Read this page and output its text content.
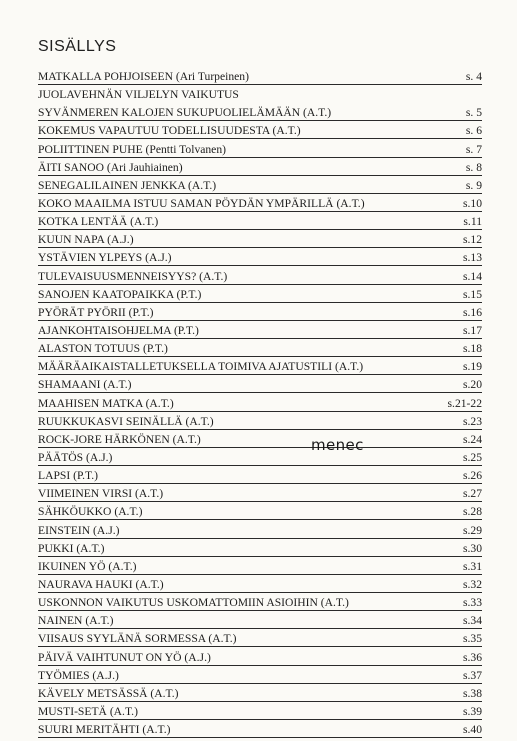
SISÄLLYS
MATKALLA POHJOISEEN (Ari Turpeinen)	s. 4
JUOLAVEHNÄN VILJELYN VAIKUTUS
SYVÄNMEREN KALOJEN SUKUPUOLIELÄMÄÄN (A.T.)	s. 5
KOKEMUS VAPAUTUU TODELLISUUDESTA (A.T.)	s. 6
POLIITTINEN PUHE (Pentti Tolvanen)	s. 7
ÄITI SANOO (Ari Jauhiainen)	s. 8
SENEGALILAINEN JENKKA (A.T.)	s. 9
KOKO MAAILMA ISTUU SAMAN PÖYDÄN YMPÄRILLÄ (A.T.)	s.10
KOTKA LENTÄÄ (A.T.)	s.11
KUUN NAPA (A.J.)	s.12
YSTÄVIEN YLPEYS (A.J.)	s.13
TULEVAISUUSMENNEISYYS? (A.T.)	s.14
SANOJEN KAATOPAIKKA (P.T.)	s.15
PYÖRÄT PYÖRII (P.T.)	s.16
AJANKOHTAISOHJELMA (P.T.)	s.17
ALASTON TOTUUS (P.T.)	s.18
MÄÄRÄAIKAISTALLETUKSELLA TOIMIVA AJATUSTILI (A.T.)	s.19
SHAMAANI (A.T.)	s.20
MAAHISEN MATKA (A.T.)	s.21-22
RUUKKUKASVI SEINÄLLÄ (A.T.)	s.23
ROCK-JORE HÄRKÖNEN (A.T.)	s.24
PÄÄTÖS (A.J.)	s.25
LAPSI (P.T.)	s.26
VIIMEINEN VIRSI (A.T.)	s.27
SÄHKÖUKKO (A.T.)	s.28
EINSTEIN (A.J.)	s.29
PUKKI (A.T.)	s.30
IKUINEN YÖ (A.T.)	s.31
NAURAVA HAUKI (A.T.)	s.32
USKONNON VAIKUTUS USKOMATTOMIIN ASIOIHIN (A.T.)	s.33
NAINEN (A.T.)	s.34
VIISAUS SYYLÄNÄ SORMESSA (A.T.)	s.35
PÄIVÄ VAIHTUNUT ON YÖ (A.J.)	s.36
TYÖMIES (A.J.)	s.37
KÄVELY METSÄSSÄ (A.T.)	s.38
MUSTI-SETÄ (A.T.)	s.39
SUURI MERITÄHTI (A.T.)	s.40

menec
